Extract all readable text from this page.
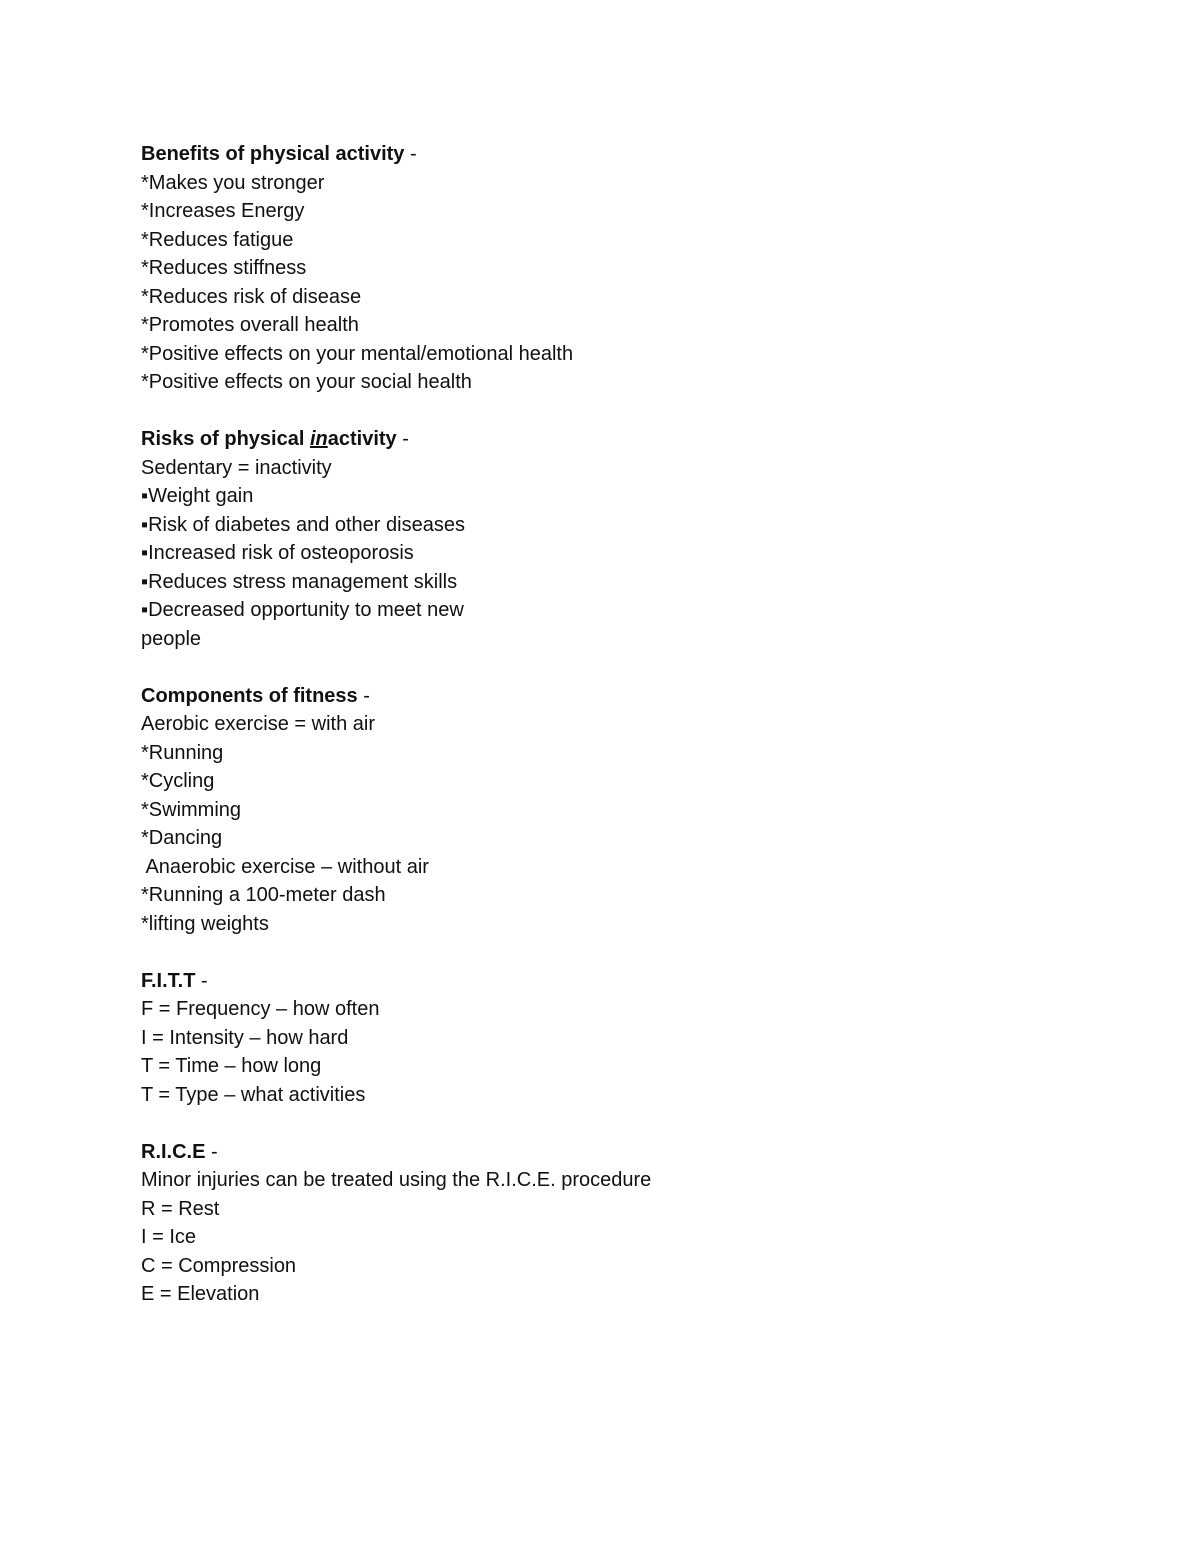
Benefits of physical activity -
*Makes you stronger
*Increases Energy
*Reduces fatigue
*Reduces stiffness
*Reduces risk of disease
*Promotes overall health
*Positive effects on your mental/emotional health
*Positive effects on your social health
Risks of physical inactivity -
Sedentary = inactivity
▪Weight gain
▪Risk of diabetes and other diseases
▪Increased risk of osteoporosis
▪Reduces stress management skills
▪Decreased opportunity to meet new
people
Components of fitness -
Aerobic exercise = with air
*Running
*Cycling
*Swimming
*Dancing
Anaerobic exercise – without air
*Running a 100-meter dash
*lifting weights
F.I.T.T -
F = Frequency – how often
I = Intensity – how hard
T = Time – how long
T = Type – what activities
R.I.C.E -
Minor injuries can be treated using the R.I.C.E. procedure
R = Rest
I = Ice
C = Compression
E = Elevation
